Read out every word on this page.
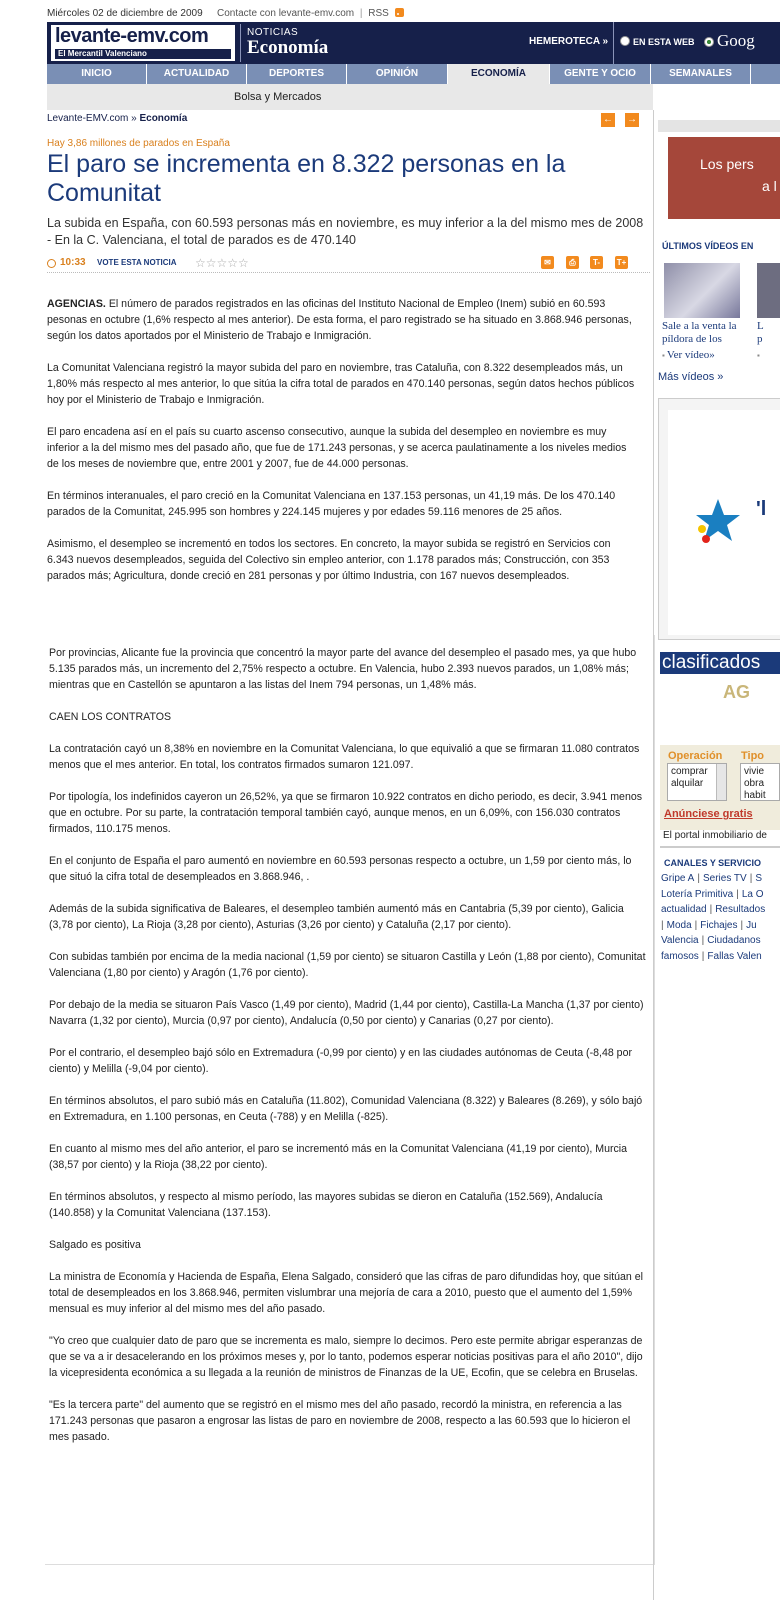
Miércoles 02 de diciembre de 2009 Contacte con levante-emv.com | RSS
levante-emv.com
El Mercantil Valenciano
NOTICIAS
Economía	HEMEROTECA »	EN ESTA WEB	Goog
INICIO	ACTUALIDAD	DEPORTES	OPINIÓN	ECONOMÍA	GENTE Y OCIO	SEMANALES
Bolsa y Mercados
Levante-EMV.com » Economía	← →
Hay 3,86 millones de parados en España
El paro se incrementa en 8.322 personas en la Comunitat
La subida en España, con 60.593 personas más en noviembre, es muy inferior a la del mismo mes de 2008 - En la C. Valenciana, el total de parados es de 470.140
10:33 VOTE ESTA NOTICIA ☆☆☆☆☆	✉	⎙	T-	T+

AGENCIAS. El número de parados registrados en las oficinas del Instituto Nacional de Empleo (Inem) subió en 60.593 pesonas en octubre (1,6% respecto al mes anterior). De esta forma, el paro registrado se ha situado en 3.868.946 personas, según los datos aportados por el Ministerio de Trabajo e Inmigración.

La Comunitat Valenciana registró la mayor subida del paro en noviembre, tras Cataluña, con 8.322 desempleados más, un 1,80% más respecto al mes anterior, lo que sitúa la cifra total de parados en 470.140 personas, según datos hechos públicos hoy por el Ministerio de Trabajo e Inmigración.

El paro encadena así en el país su cuarto ascenso consecutivo, aunque la subida del desempleo en noviembre es muy inferior a la del mismo mes del pasado año, que fue de 171.243 personas, y se acerca paulatinamente a los niveles medios de los meses de noviembre que, entre 2001 y 2007, fue de 44.000 personas.

En términos interanuales, el paro creció en la Comunitat Valenciana en 137.153 personas, un 41,19 más. De los 470.140 parados de la Comunitat, 245.995 son hombres y 224.145 mujeres y por edades 59.116 menores de 25 años.

Asimismo, el desempleo se incrementó en todos los sectores. En concreto, la mayor subida se registró en Servicios con 6.343 nuevos desempleados, seguida del Colectivo sin empleo anterior, con 1.178 parados más; Construcción, con 353 parados más; Agricultura, donde creció en 281 personas y por último Industria, con 167 nuevos desempleados.

Por provincias, Alicante fue la provincia que concentró la mayor parte del avance del desempleo el pasado mes, ya que hubo 5.135 parados más, un incremento del 2,75% respecto a octubre. En Valencia, hubo 2.393 nuevos parados, un 1,08% más; mientras que en Castellón se apuntaron a las listas del Inem 794 personas, un 1,48% más.

CAEN LOS CONTRATOS

La contratación cayó un 8,38% en noviembre en la Comunitat Valenciana, lo que equivalió a que se firmaran 11.080 contratos menos que el mes anterior. En total, los contratos firmados sumaron 121.097.

Por tipología, los indefinidos cayeron un 26,52%, ya que se firmaron 10.922 contratos en dicho periodo, es decir, 3.941 menos que en octubre. Por su parte, la contratación temporal también cayó, aunque menos, en un 6,09%, con 156.030 contratos firmados, 110.175 menos.

En el conjunto de España el paro aumentó en noviembre en 60.593 personas respecto a octubre, un 1,59 por ciento más, lo que situó la cifra total de desempleados en 3.868.946, .

Además de la subida significativa de Baleares, el desempleo también aumentó más en Cantabria (5,39 por ciento), Galicia (3,78 por ciento), La Rioja (3,28 por ciento), Asturias (3,26 por ciento) y Cataluña (2,17 por ciento).

Con subidas también por encima de la media nacional (1,59 por ciento) se situaron Castilla y León (1,88 por ciento), Comunitat Valenciana (1,80 por ciento) y Aragón (1,76 por ciento).

Por debajo de la media se situaron País Vasco (1,49 por ciento), Madrid (1,44 por ciento), Castilla-La Mancha (1,37 por ciento) Navarra (1,32 por ciento), Murcia (0,97 por ciento), Andalucía (0,50 por ciento) y Canarias (0,27 por ciento).

Por el contrario, el desempleo bajó sólo en Extremadura (-0,99 por ciento) y en las ciudades autónomas de Ceuta (-8,48 por ciento) y Melilla (-9,04 por ciento).

En términos absolutos, el paro subió más en Cataluña (11.802), Comunidad Valenciana (8.322) y Baleares (8.269), y sólo bajó en Extremadura, en 1.100 personas, en Ceuta (-788) y en Melilla (-825).

En cuanto al mismo mes del año anterior, el paro se incrementó más en la Comunitat Valenciana (41,19 por ciento), Murcia (38,57 por ciento) y la Rioja (38,22 por ciento).

En términos absolutos, y respecto al mismo período, las mayores subidas se dieron en Cataluña (152.569), Andalucía (140.858) y la Comunitat Valenciana (137.153).

Salgado es positiva

La ministra de Economía y Hacienda de España, Elena Salgado, consideró que las cifras de paro difundidas hoy, que sitúan el total de desempleados en los 3.868.946, permiten vislumbrar una mejoría de cara a 2010, puesto que el aumento del 1,59% mensual es muy inferior al del mismo mes del año pasado.

"Yo creo que cualquier dato de paro que se incrementa es malo, siempre lo decimos. Pero este permite abrigar esperanzas de que se va a ir desacelerando en los próximos meses y, por lo tanto, podemos esperar noticias positivas para el año 2010", dijo la vicepresidenta económica a su llegada a la reunión de ministros de Finanzas de la UE, Ecofin, que se celebra en Bruselas.

"Es la tercera parte" del aumento que se registró en el mismo mes del año pasado, recordó la ministra, en referencia a las 171.243 personas que pasaron a engrosar las listas de paro en noviembre de 2008, respecto a las 60.593 que lo hicieron el mes pasado.

Los pers
a l
ÚLTIMOS VÍDEOS EN
Sale a la venta la píldora de los
L
p
▪ Ver vídeo»	▪
Más vídeos »
'l
clasificados
AG
Operación Tipo
comprar
alquilar
vivie
obra
habit
Anúnciese gratis
El portal inmobiliario de
CANALES Y SERVICIO
Gripe A | Series TV | S
Lotería Primitiva | La O
actualidad | Resultados
| Moda | Fichajes | Ju
Valencia | Ciudadanos
famosos | Fallas Valen
